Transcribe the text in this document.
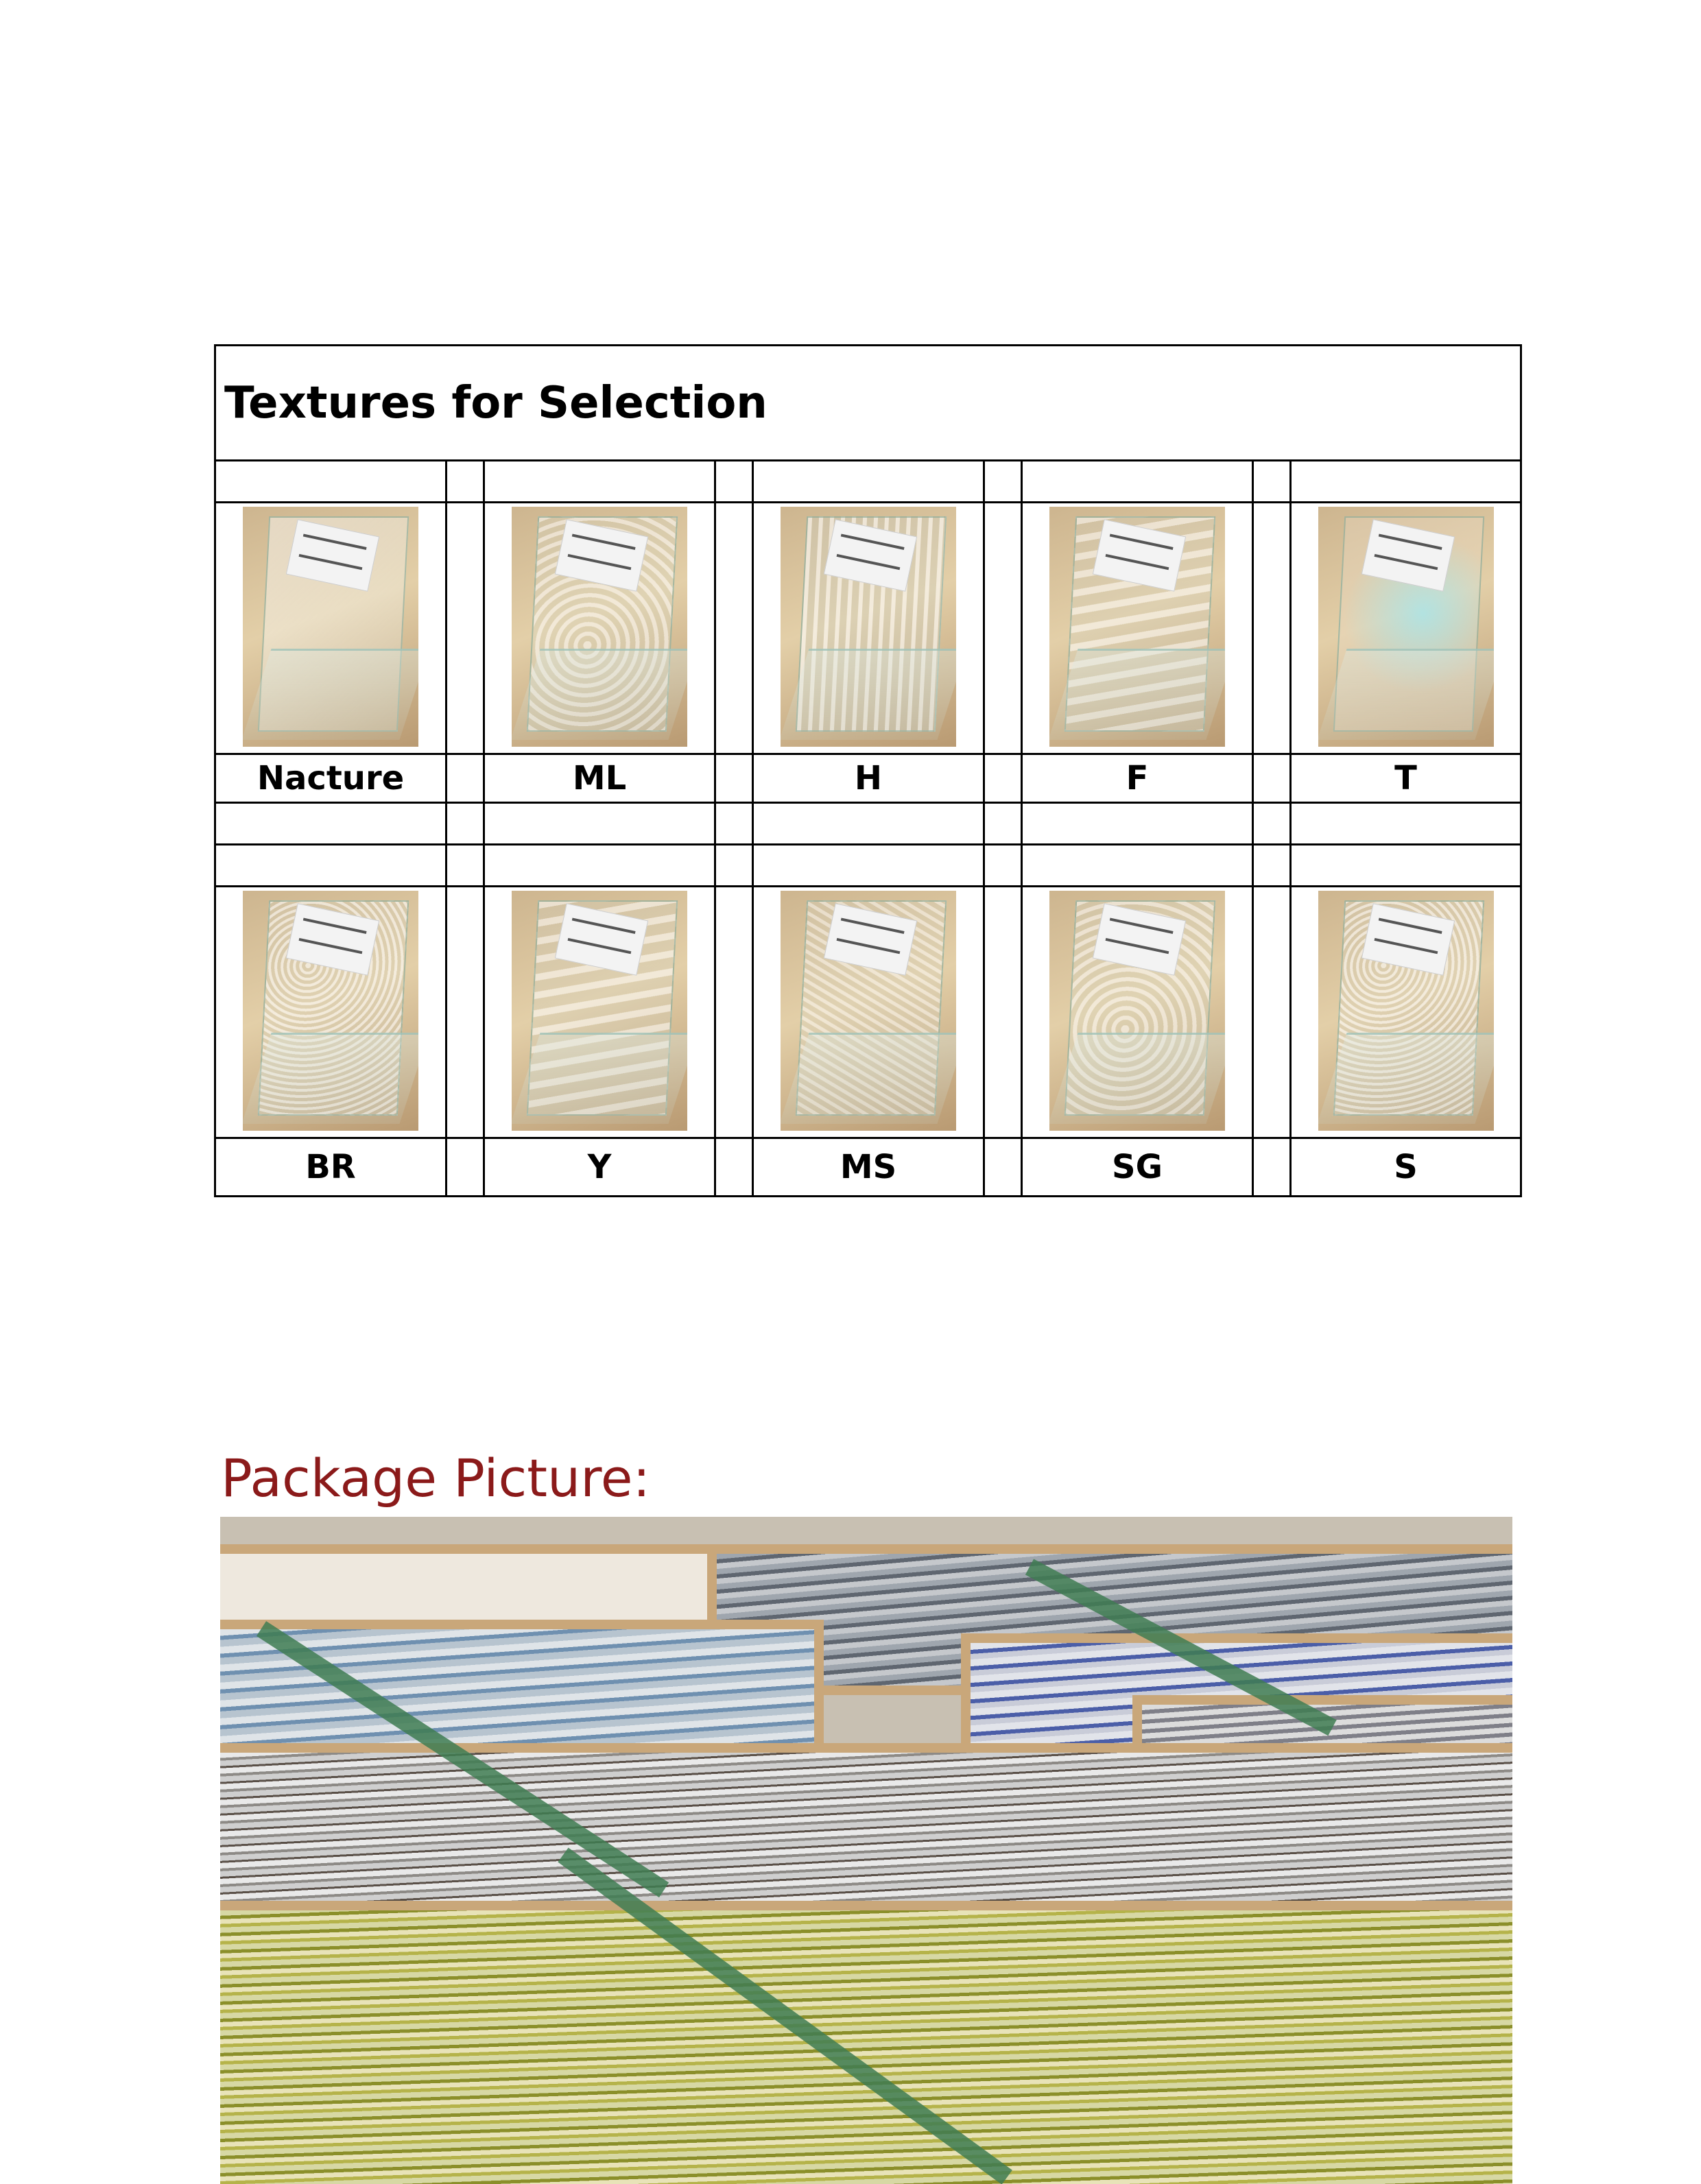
Textures for Selection								

Nacture		ML		H		F		T

BR		Y		MS		SG		S
Package Picture:
